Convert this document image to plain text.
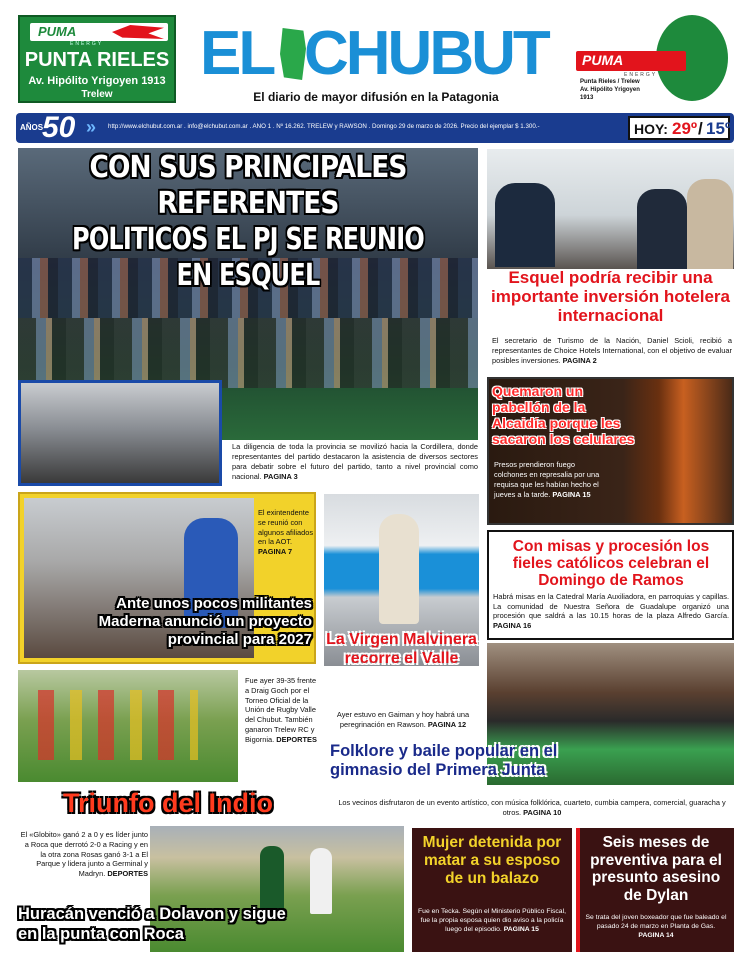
PUMA
ENERGY
PUNTA RIELES
Av. Hipólito Yrigoyen 1913
Trelew
EL CHUBUT
El diario de mayor difusión en la Patagonia
PUMA
ENERGY
Punta Rieles / Trelew
Av. Hipólito Yrigoyen
1913
AÑOS
50 » http://www.elchubut.com.ar . info@elchubut.com.ar . AÑO 1 . Nº 16.262. TRELEW y RAWSON . Domingo 29 de marzo de 2026. Precio del ejemplar $ 1.300.-	HOY: 29º / 15º
CON SUS PRINCIPALES REFERENTES
POLITICOS EL PJ SE REUNIO EN ESQUEL
La diligencia de toda la provincia se movilizó hacia la Cordillera, donde representantes del partido destacaron la asistencia de diversos sectores para debatir sobre el futuro del partido, tanto a nivel provincial como nacional. PAGINA 3
Esquel podría recibir una importante inversión hotelera internacional
El secretario de Turismo de la Nación, Daniel Scioli, recibió a representantes de Choice Hotels International, con el objetivo de evaluar posibles inversiones. PAGINA 2
Quemaron un pabellón de la Alcaidía porque les sacaron los celulares
Presos prendieron fuego colchones en represalia por una requisa que les habían hecho el jueves a la tarde. PAGINA 15
Con misas y procesión los fieles católicos celebran el Domingo de Ramos
Habrá misas en la Catedral María Auxiliadora, en parroquias y capillas. La comunidad de Nuestra Señora de Guadalupe organizó una procesión que saldrá a las 10.15 horas de la plaza Alfredo García. PAGINA 16
El exintendente se reunió con algunos afiliados en la AOT. PAGINA 7
Ante unos pocos militantes Maderna anunció un proyecto provincial para 2027 La Virgen Malvinera recorre el Valle
Ayer estuvo en Gaiman y hoy habrá una peregrinación en Rawson. PAGINA 12
Fue ayer 39-35 frente a Draig Goch por el Torneo Oficial de la Unión de Rugby Valle del Chubut. También ganaron Trelew RC y Bigornia. DEPORTES
Triunfo del Indio
Folklore y baile popular en el gimnasio del Primera Junta
Los vecinos disfrutaron de un evento artístico, con música folklórica, cuarteto, cumbia campera, comercial, guaracha y otros. PAGINA 10
El «Globito» ganó 2 a 0 y es líder junto a Roca que derrotó 2-0 a Racing y en la otra zona Rosas ganó 3-1 a El Parque y lidera junto a Germinal y Madryn. DEPORTES
Huracán venció a Dolavon y sigue en la punta con Roca
Mujer detenida por matar a su esposo de un balazo
Fue en Tecka. Según el Ministerio Público Fiscal, fue la propia esposa quien dio aviso a la policía luego del episodio. PAGINA 15
Seis meses de preventiva para el presunto asesino de Dylan
Se trata del joven boxeador que fue baleado el pasado 24 de marzo en Planta de Gas. PAGINA 14
